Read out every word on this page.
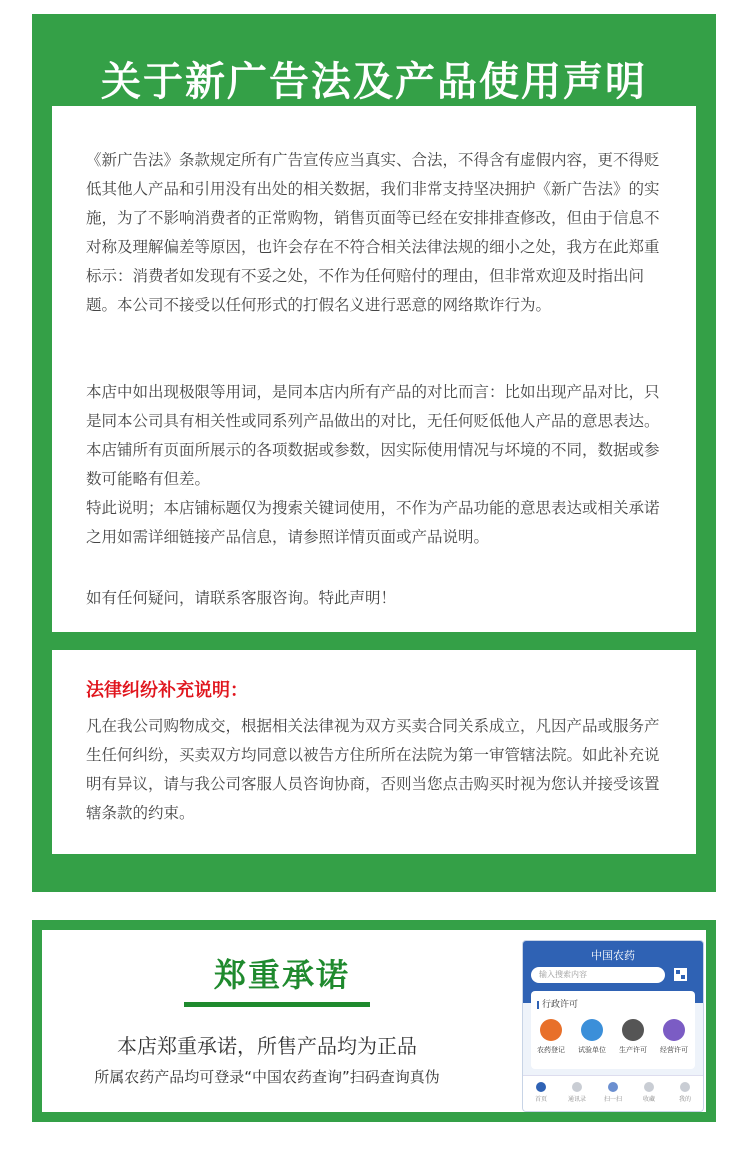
关于新广告法及产品使用声明

《新广告法》条款规定所有广告宣传应当真实、合法，不得含有虚假内容，更不得贬低其他人产品和引用没有出处的相关数据，我们非常支持坚决拥护《新广告法》的实施，为了不影响消费者的正常购物，销售页面等已经在安排排查修改，但由于信息不对称及理解偏差等原因，也许会存在不符合相关法律法规的细小之处，我方在此郑重标示：消费者如发现有不妥之处，不作为任何赔付的理由，但非常欢迎及时指出问题。本公司不接受以任何形式的打假名义进行恶意的网络欺诈行为。

本店中如出现极限等用词，是同本店内所有产品的对比而言：比如出现产品对比，只是同本公司具有相关性或同系列产品做出的对比，无任何贬低他人产品的意思表达。本店铺所有页面所展示的各项数据或参数，因实际使用情况与坏境的不同，数据或参数可能略有但差。

特此说明；本店铺标题仅为搜索关键词使用，不作为产品功能的意思表达或相关承诺之用如需详细链接产品信息，请参照详情页面或产品说明。

如有任何疑问，请联系客服咨询。特此声明！

法律纠纷补充说明：

凡在我公司购物成交，根据相关法律视为双方买卖合同关系成立，凡因产品或服务产生任何纠纷，买卖双方均同意以被告方住所所在法院为第一审管辖法院。如此补充说明有异议，请与我公司客服人员咨询协商，否则当您点击购买时视为您认并接受该置辖条款的约束。

郑重承诺
本店郑重承诺，所售产品均为正品
所属农药产品均可登录“中国农药查询”扫码查询真伪
中国农药
输入搜索内容
行政许可
农药登记	试验单位	生产许可	经营许可
首页	通讯录	扫一扫	收藏	我的
